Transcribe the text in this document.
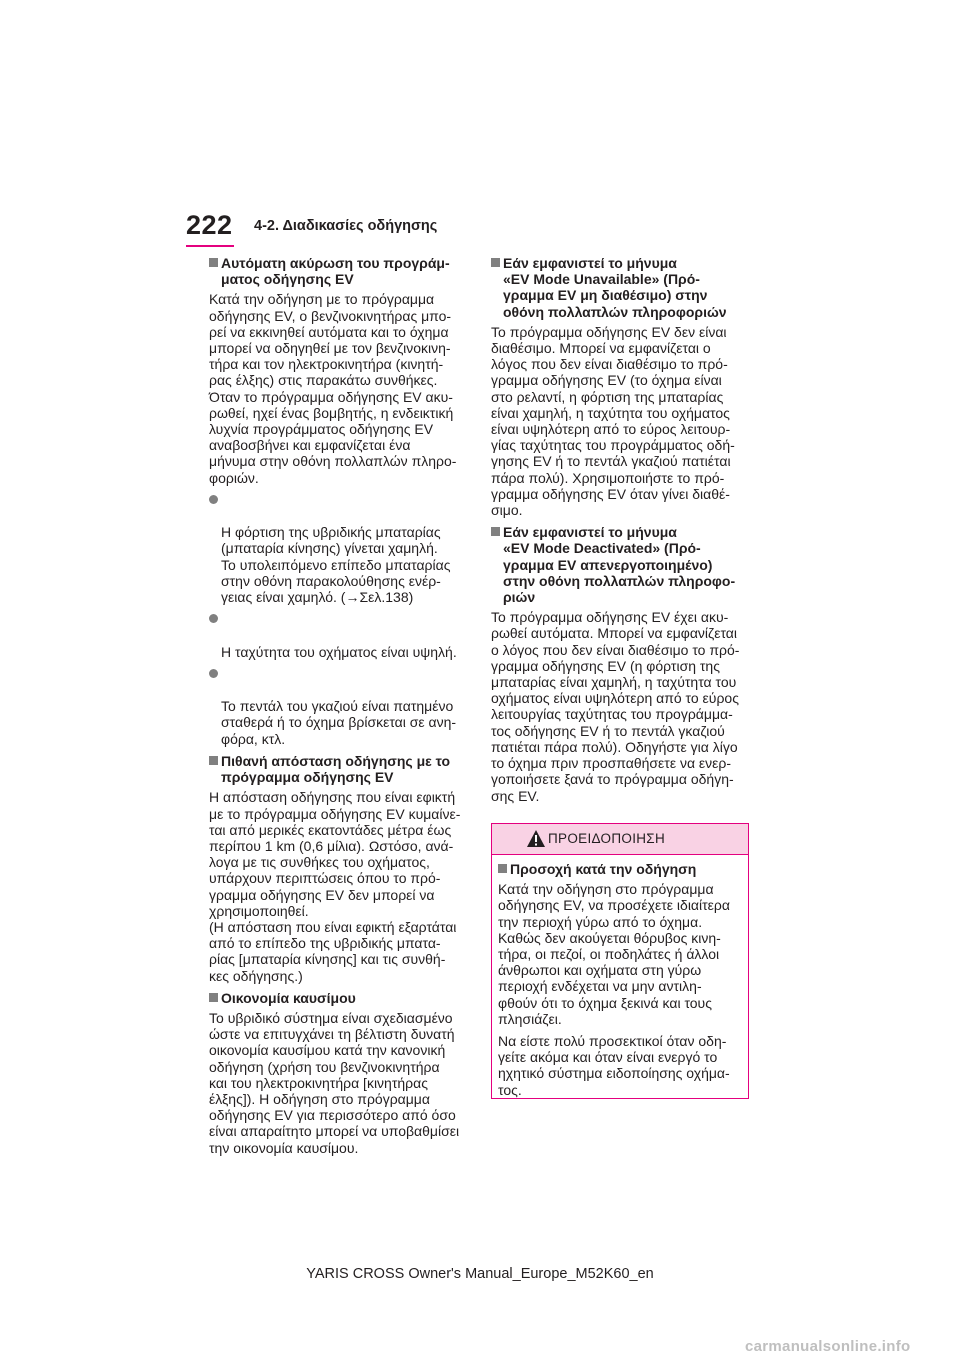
222 4-2. Διαδικασίες οδήγησης
Αυτόματη ακύρωση του προγράμ-
ματος οδήγησης EV
Κατά την οδήγηση με το πρόγραμμα
οδήγησης EV, ο βενζινοκινητήρας μπο-
ρεί να εκκινηθεί αυτόματα και το όχημα
μπορεί να οδηγηθεί με τον βενζινοκινη-
τήρα και τον ηλεκτροκινητήρα (κινητή-
ρας έλξης) στις παρακάτω συνθήκες.
Όταν το πρόγραμμα οδήγησης EV ακυ-
ρωθεί, ηχεί ένας βομβητής, η ενδεικτική
λυχνία προγράμματος οδήγησης EV
αναβοσβήνει και εμφανίζεται ένα
μήνυμα στην οθόνη πολλαπλών πληρο-
φοριών.

Η φόρτιση της υβριδικής μπαταρίας
(μπαταρία κίνησης) γίνεται χαμηλή.
Το υπολειπόμενο επίπεδο μπαταρίας
στην οθόνη παρακολούθησης ενέρ-
γειας είναι χαμηλό. (→Σελ.138)

Η ταχύτητα του οχήματος είναι υψηλή.

Το πεντάλ του γκαζιού είναι πατημένο
σταθερά ή το όχημα βρίσκεται σε ανη-
φόρα, κτλ.

Πιθανή απόσταση οδήγησης με το
πρόγραμμα οδήγησης EV
Η απόσταση οδήγησης που είναι εφικτή
με το πρόγραμμα οδήγησης EV κυμαίνε-
ται από μερικές εκατοντάδες μέτρα έως
περίπου 1 km (0,6 μίλια). Ωστόσο, ανά-
λογα με τις συνθήκες του οχήματος,
υπάρχουν περιπτώσεις όπου το πρό-
γραμμα οδήγησης EV δεν μπορεί να
χρησιμοποιηθεί.
(Η απόσταση που είναι εφικτή εξαρτάται
από το επίπεδο της υβριδικής μπατα-
ρίας [μπαταρία κίνησης] και τις συνθή-
κες οδήγησης.)
Οικονομία καυσίμου
Το υβριδικό σύστημα είναι σχεδιασμένο
ώστε να επιτυγχάνει τη βέλτιστη δυνατή
οικονομία καυσίμου κατά την κανονική
οδήγηση (χρήση του βενζινοκινητήρα
και του ηλεκτροκινητήρα [κινητήρας
έλξης]). Η οδήγηση στο πρόγραμμα
οδήγησης EV για περισσότερο από όσο
είναι απαραίτητο μπορεί να υποβαθμίσει
την οικονομία καυσίμου.
Εάν εμφανιστεί το μήνυμα
«EV Mode Unavailable» (Πρό-
γραμμα EV μη διαθέσιμο) στην
οθόνη πολλαπλών πληροφοριών
Το πρόγραμμα οδήγησης EV δεν είναι
διαθέσιμο. Μπορεί να εμφανίζεται ο
λόγος που δεν είναι διαθέσιμο το πρό-
γραμμα οδήγησης EV (το όχημα είναι
στο ρελαντί, η φόρτιση της μπαταρίας
είναι χαμηλή, η ταχύτητα του οχήματος
είναι υψηλότερη από το εύρος λειτουρ-
γίας ταχύτητας του προγράμματος οδή-
γησης EV ή το πεντάλ γκαζιού πατιέται
πάρα πολύ). Χρησιμοποιήστε το πρό-
γραμμα οδήγησης EV όταν γίνει διαθέ-
σιμο.
Εάν εμφανιστεί το μήνυμα
«EV Mode Deactivated» (Πρό-
γραμμα EV απενεργοποιημένο)
στην οθόνη πολλαπλών πληροφο-
ριών
Το πρόγραμμα οδήγησης EV έχει ακυ-
ρωθεί αυτόματα. Μπορεί να εμφανίζεται
ο λόγος που δεν είναι διαθέσιμο το πρό-
γραμμα οδήγησης EV (η φόρτιση της
μπαταρίας είναι χαμηλή, η ταχύτητα του
οχήματος είναι υψηλότερη από το εύρος
λειτουργίας ταχύτητας του προγράμμα-
τος οδήγησης EV ή το πεντάλ γκαζιού
πατιέται πάρα πολύ). Οδηγήστε για λίγο
το όχημα πριν προσπαθήσετε να ενερ-
γοποιήσετε ξανά το πρόγραμμα οδήγη-
σης EV.
ΠΡΟΕΙΔΟΠΟΙΗΣΗ
Προσοχή κατά την οδήγηση
Κατά την οδήγηση στο πρόγραμμα
οδήγησης EV, να προσέχετε ιδιαίτερα
την περιοχή γύρω από το όχημα.
Καθώς δεν ακούγεται θόρυβος κινη-
τήρα, οι πεζοί, οι ποδηλάτες ή άλλοι
άνθρωποι και οχήματα στη γύρω
περιοχή ενδέχεται να μην αντιλη-
φθούν ότι το όχημα ξεκινά και τους
πλησιάζει.
Να είστε πολύ προσεκτικοί όταν οδη-
γείτε ακόμα και όταν είναι ενεργό το
ηχητικό σύστημα ειδοποίησης οχήμα-
τος.
YARIS CROSS Owner's Manual_Europe_M52K60_en
carmanualsonline.info
